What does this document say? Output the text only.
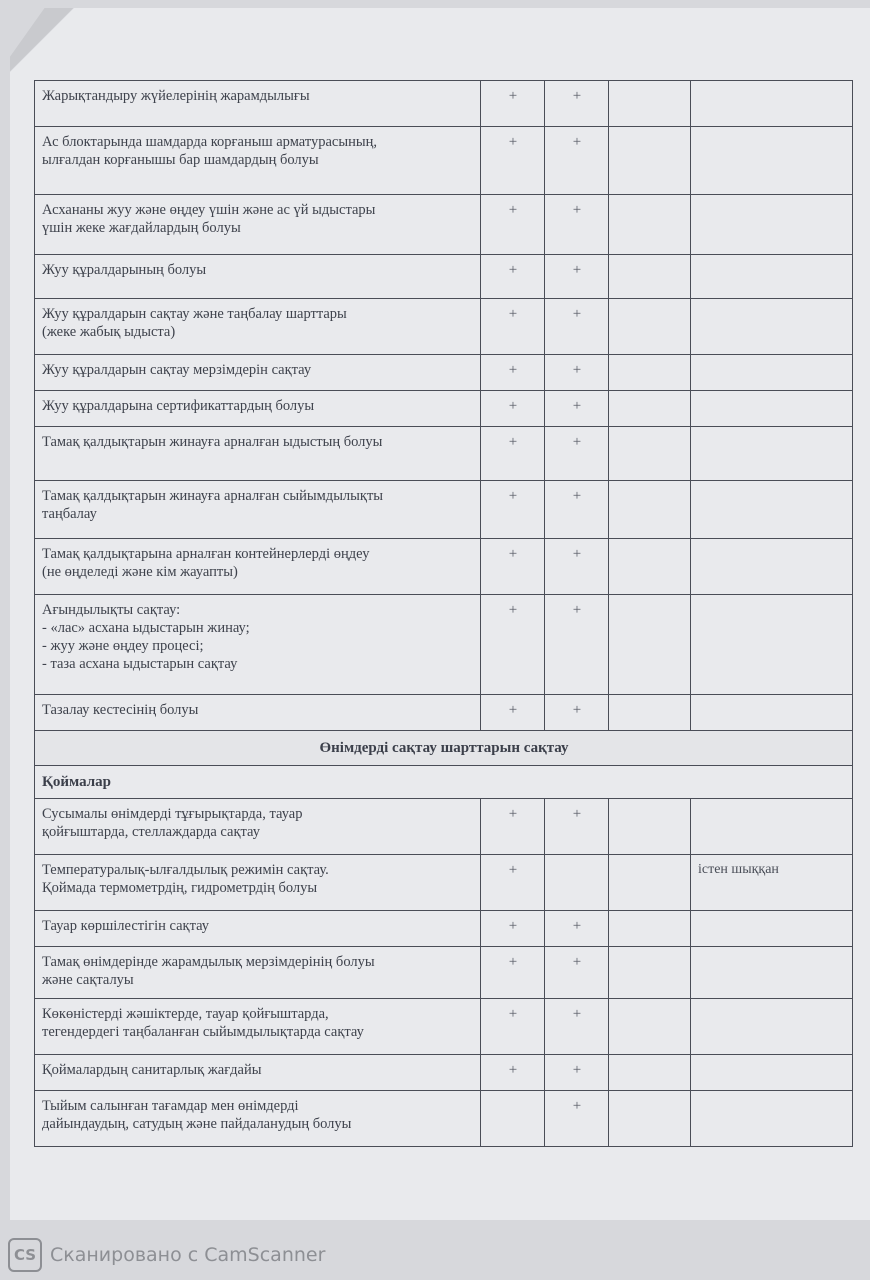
Жарықтандыру жүйелерінің жарамдылығы	+	+		

Ас блоктарында шамдарда корғаныш арматурасының,
ылғалдан корғанышы бар шамдардың болуы	+	+		

Асхананы жуу және өңдеу үшін және ас үй ыдыстары
үшін жеке жағдайлардың болуы	+	+		

Жуу құралдарының болуы	+	+		

Жуу құралдарын сақтау және таңбалау шарттары
(жеке жабық ыдыста)	+	+		

Жуу құралдарын сақтау мерзімдерін сақтау	+	+		

Жуу құралдарына сертификаттардың болуы	+	+		

Тамақ қалдықтарын жинауға арналған ыдыстың болуы	+	+		

Тамақ қалдықтарын жинауға арналған сыйымдылықты
таңбалау	+	+		

Тамақ қалдықтарына арналған контейнерлерді өңдеу
(не өңделеді және кім жауапты)	+	+		

Ағындылықты сақтау:
- «лас» асхана ыдыстарын жинау;
- жуу және өңдеу процесі;
- таза асхана ыдыстарын сақтау	+	+		

Тазалау кестесінің болуы	+	+		
Өнімдерді сақтау шарттарын сақтау				
Қоймалар				

Сусымалы өнімдерді тұғырықтарда, тауар
қойғыштарда, стеллаждарда сақтау	+	+		

Температуралық-ылғалдылық режимін сақтау.
Қоймада термометрдің, гидрометрдің болуы	+			істен шыққан

Тауар көршілестігін сақтау	+	+		

Тамақ өнімдерінде жарамдылық мерзімдерінің болуы
және сақталуы	+	+		

Көкөністерді жәшіктерде, тауар қойғыштарда,
тегендердегі таңбаланған сыйымдылықтарда сақтау	+	+		

Қоймалардың санитарлық жағдайы	+	+		

Тыйым салынған тағамдар мен өнімдерді
дайындаудың, сатудың және пайдаланудың болуы		+		
CS Сканировано с CamScanner
